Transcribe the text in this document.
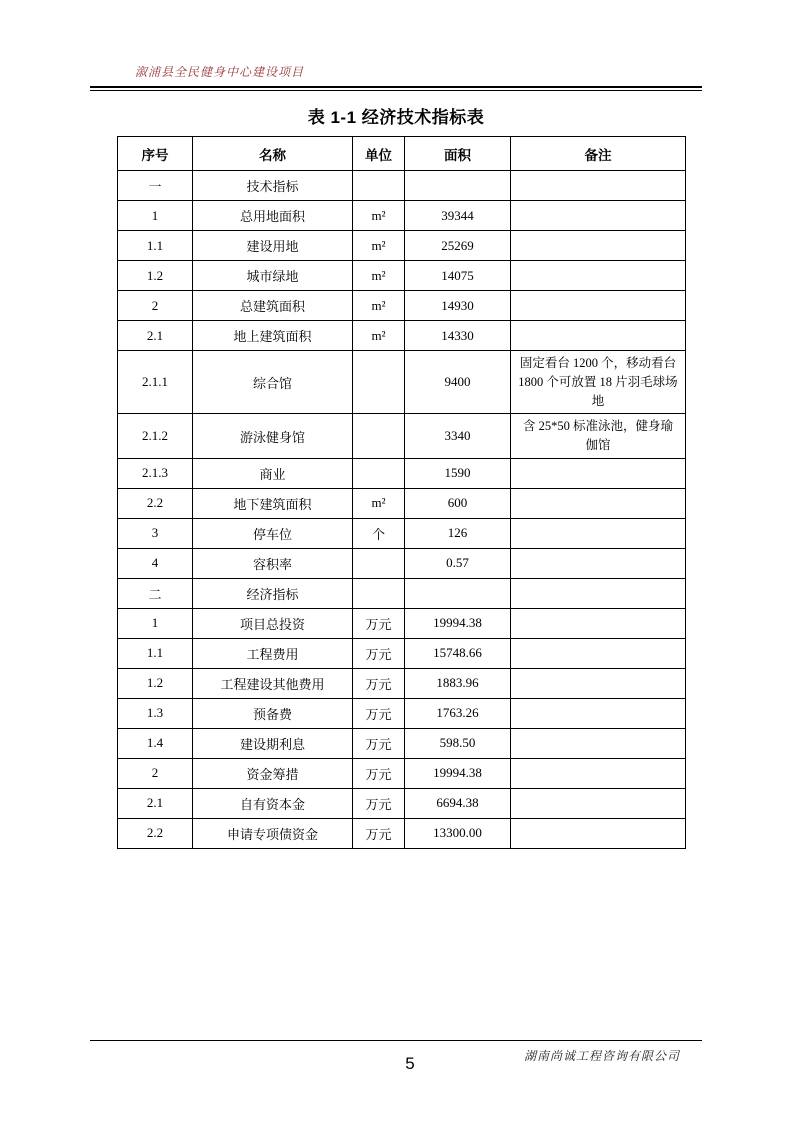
溆浦县全民健身中心建设项目
表 1-1 经济技术指标表
序号	名称	单位	面积	备注
一	技术指标			
1	总用地面积	m²	39344	
1.1	建设用地	m²	25269	
1.2	城市绿地	m²	14075	
2	总建筑面积	m²	14930	
2.1	地上建筑面积	m²	14330	
2.1.1	综合馆		9400	固定看台 1200 个，移动看台 1800 个可放置 18 片羽毛球场地
2.1.2	游泳健身馆		3340	含 25*50 标准泳池，健身瑜伽馆
2.1.3	商业		1590	
2.2	地下建筑面积	m²	600	
3	停车位	个	126	
4	容积率		0.57	
二	经济指标			
1	项目总投资	万元	19994.38	
1.1	工程费用	万元	15748.66	
1.2	工程建设其他费用	万元	1883.96	
1.3	预备费	万元	1763.26	
1.4	建设期利息	万元	598.50	
2	资金筹措	万元	19994.38	
2.1	自有资本金	万元	6694.38	
2.2	申请专项债资金	万元	13300.00	
湖南尚诚工程咨询有限公司
5
